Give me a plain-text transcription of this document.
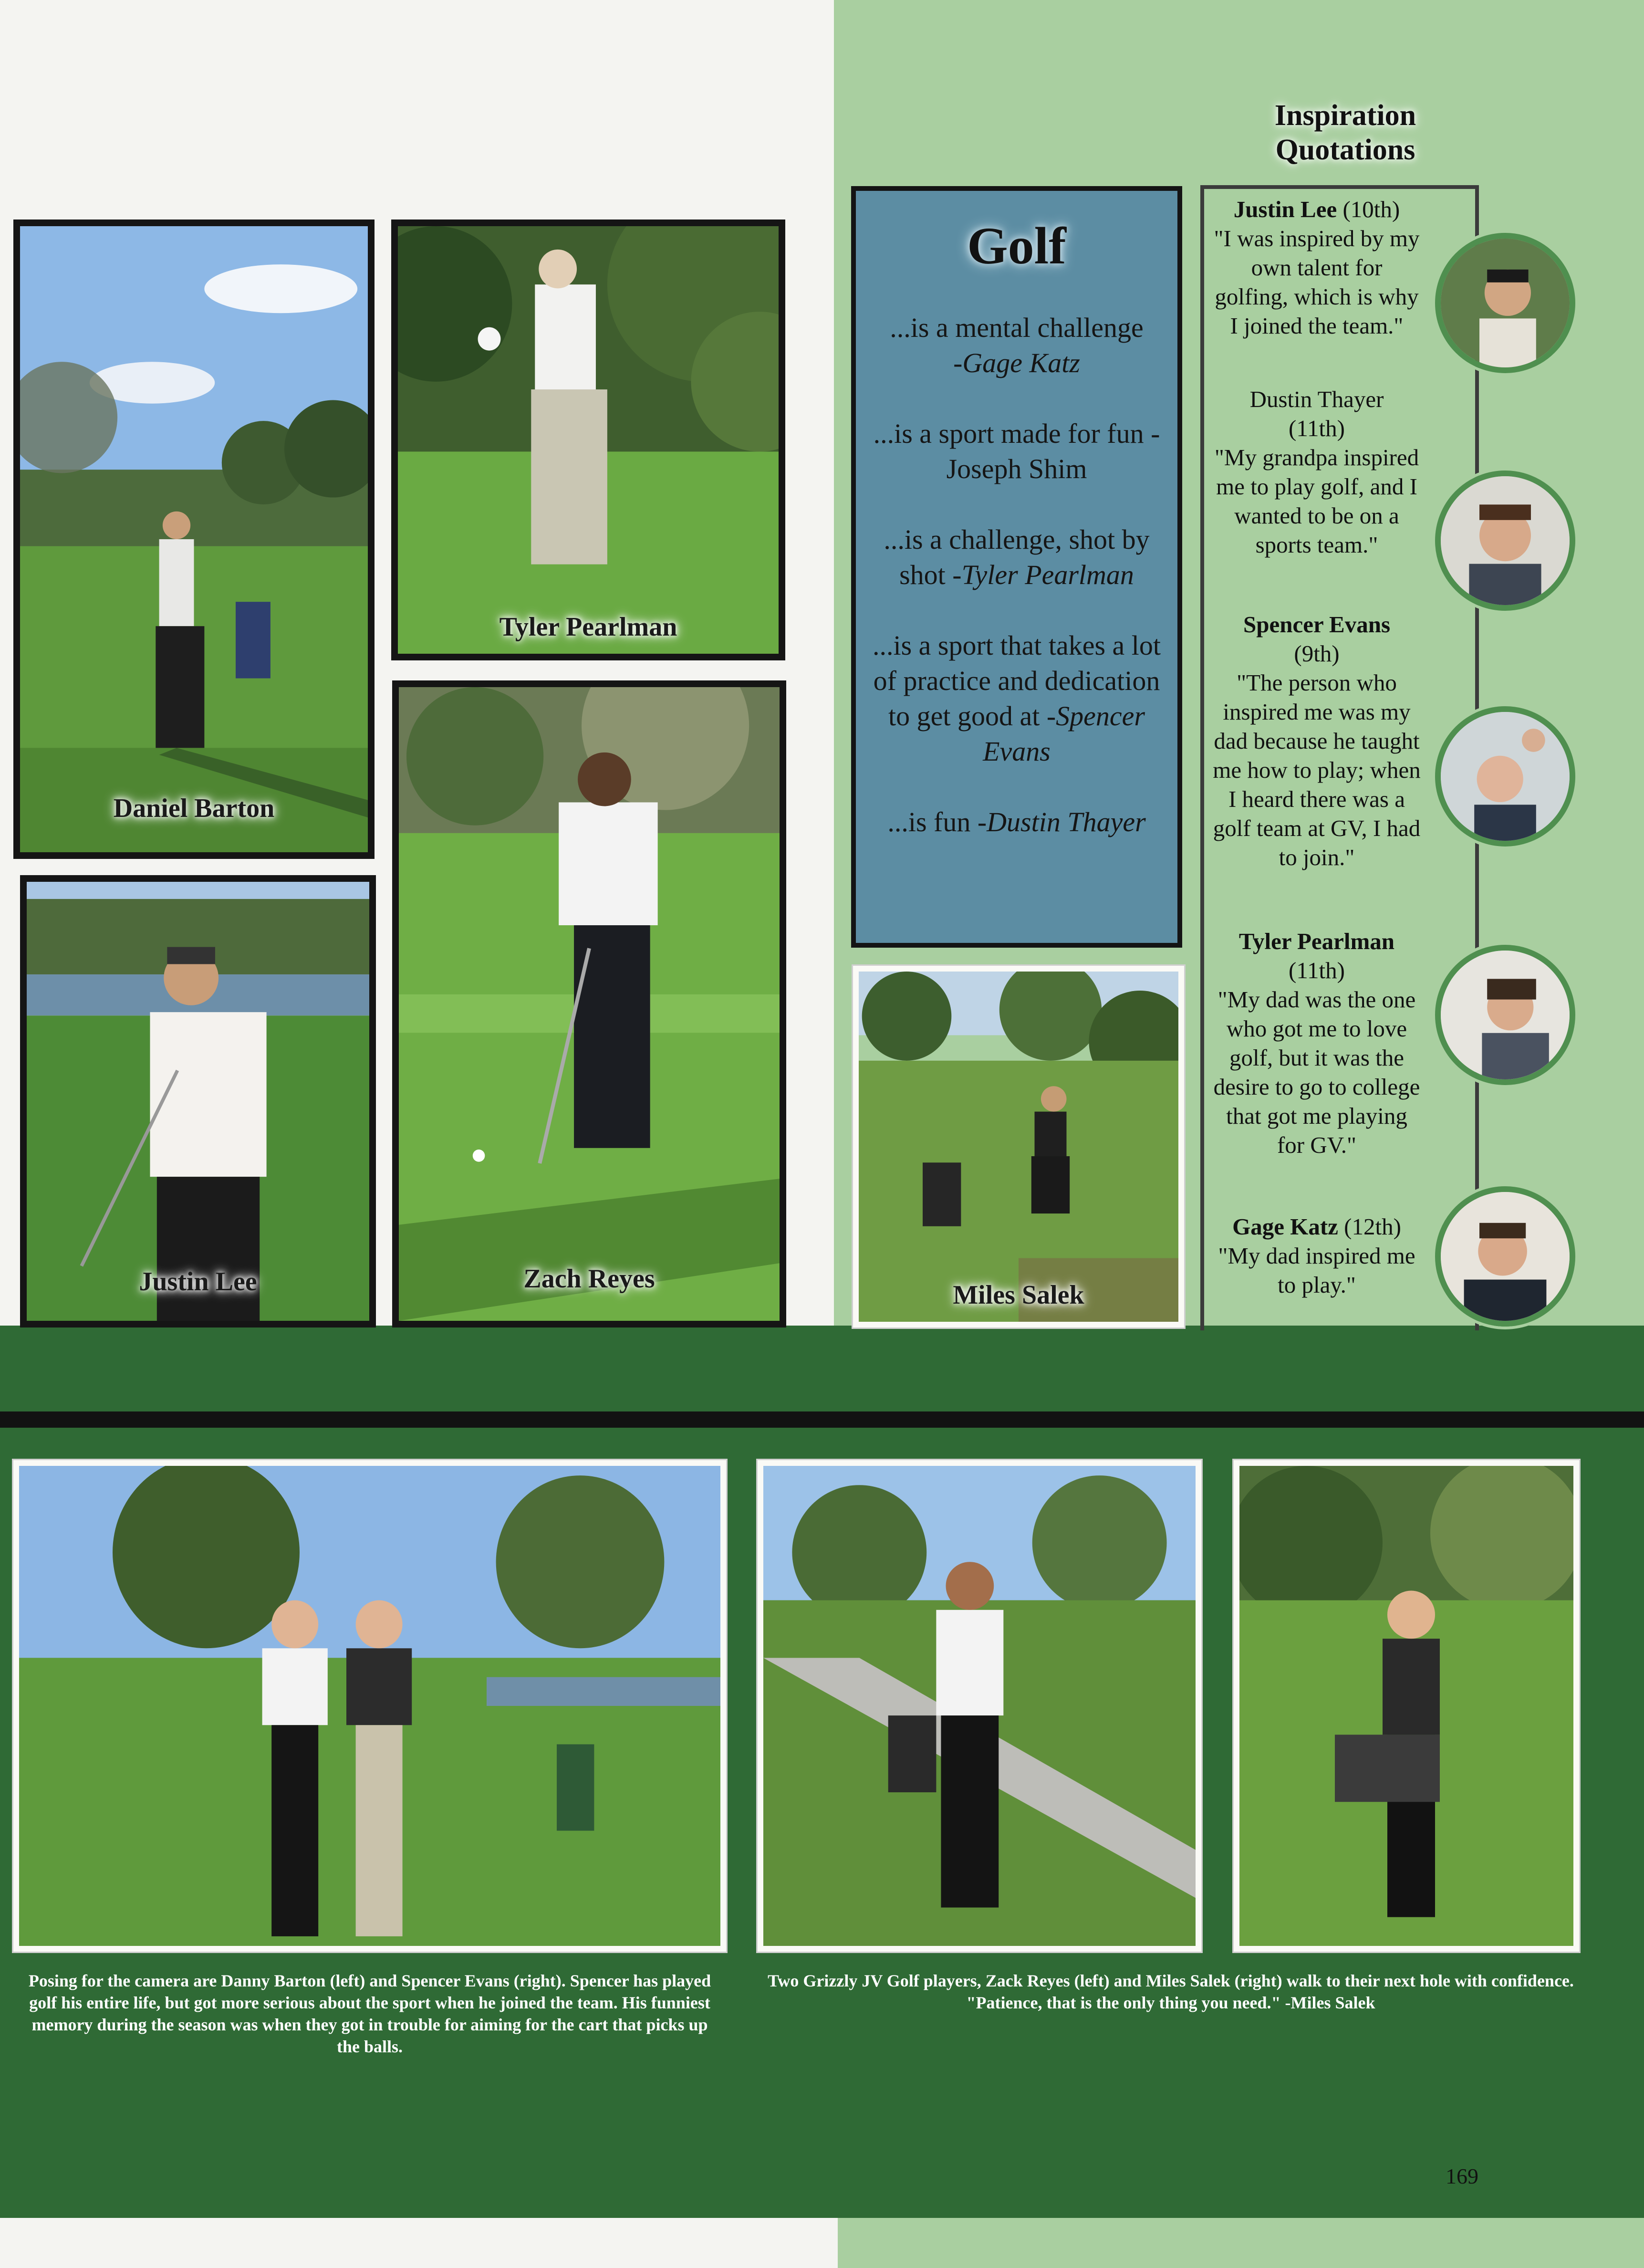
Daniel Barton
Tyler Pearlman
Justin Lee	Zach Reyes
Golf
...is a mental challenge
-Gage Katz
...is a sport made for fun -Joseph Shim
...is a challenge, shot by shot -Tyler Pearlman
...is a sport that takes a lot of practice and dedication to get good at -Spencer Evans
...is fun -Dustin Thayer
Miles Salek
Inspiration Quotations
Justin Lee (10th)
"I was inspired by my own talent for golfing, which is why I joined the team."
Dustin Thayer
(11th)
"My grandpa inspired me to play golf, and I wanted to be on a sports team."
Spencer Evans
(9th)
"The person who inspired me was my dad because he taught me how to play; when I heard there was a golf team at GV, I had to join."
Tyler Pearlman
(11th)
"My dad was the one who got me to love golf, but it was the desire to go to college that got me playing for GV."
Gage Katz (12th)
"My dad inspired me to play."
Posing for the camera are Danny Barton (left) and Spencer Evans (right). Spencer has played golf his entire life, but got more serious about the sport when he joined the team. His funniest memory during the season was when they got in trouble for aiming for the cart that picks up the balls.
Two Grizzly JV Golf players, Zack Reyes (left) and Miles Salek (right) walk to their next hole with confidence.
"Patience, that is the only thing you need." -Miles Salek
169
